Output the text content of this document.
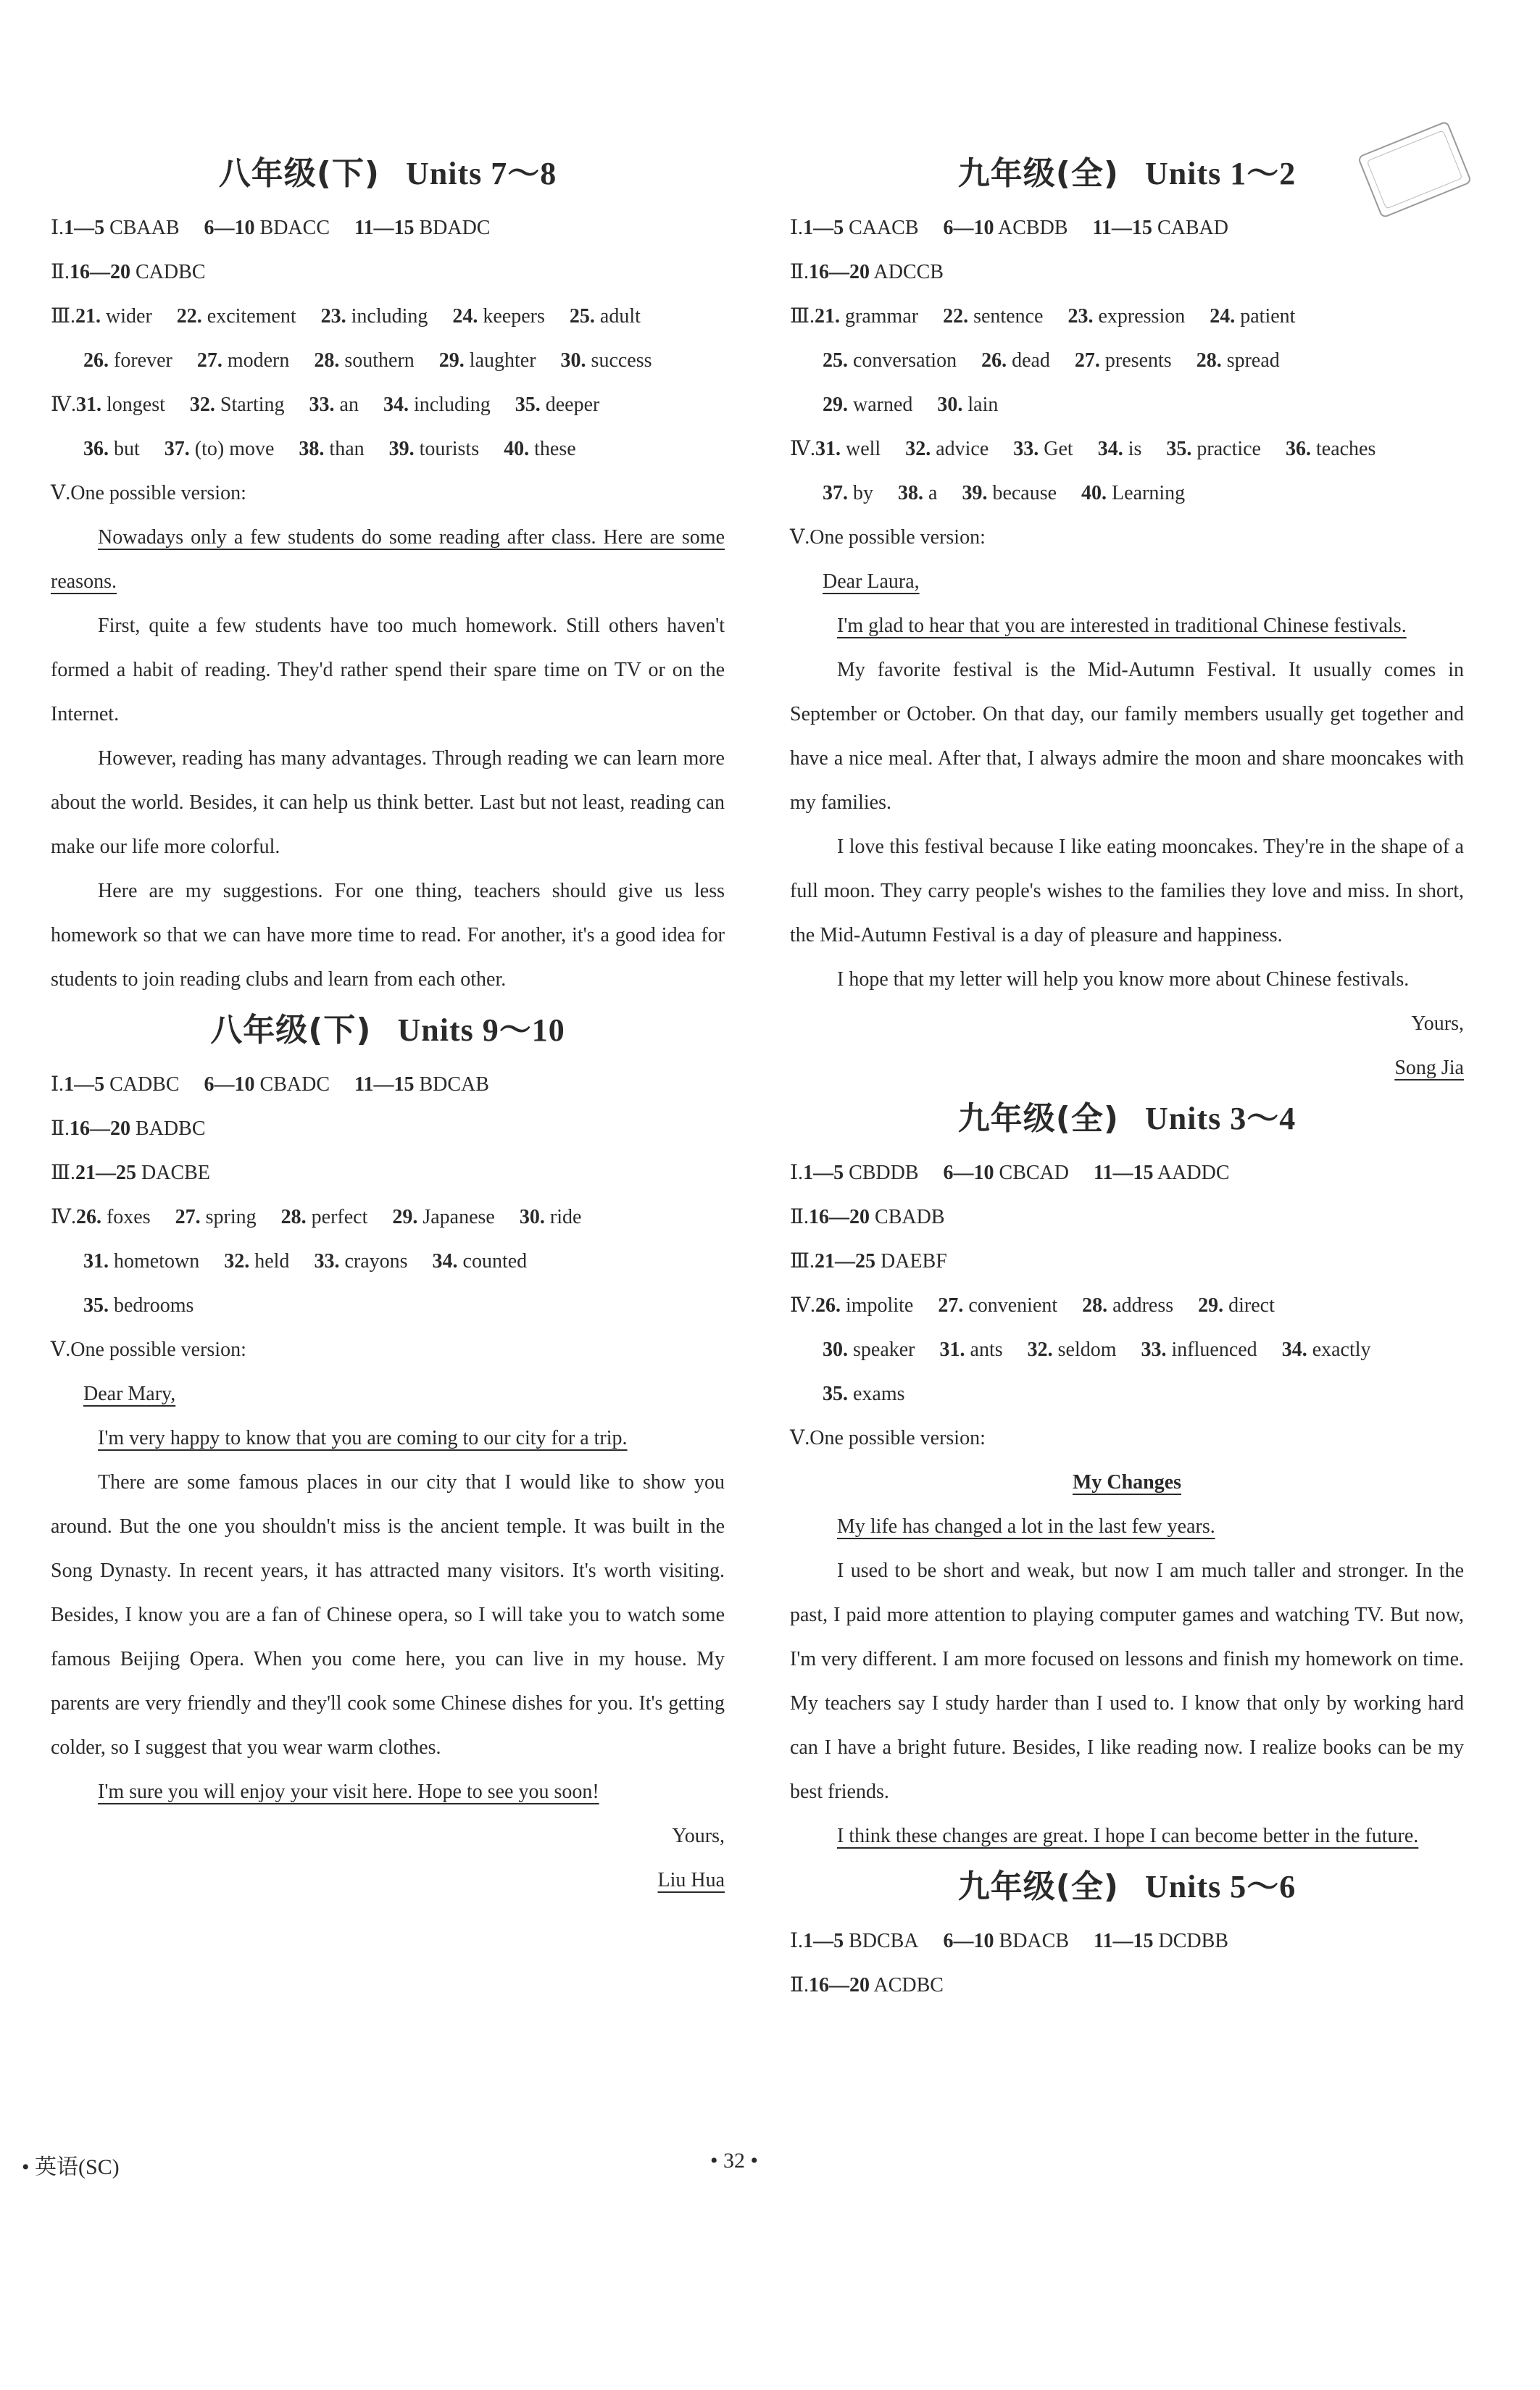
八年级(下) Units 7～8
Ⅰ.1—5 CBAAB 6—10 BDACC 11—15 BDADC
Ⅱ.16—20 CADBC
Ⅲ.21. wider 22. excitement 23. including 24. keepers 25. adult
26. forever 27. modern 28. southern 29. laughter 30. success
Ⅳ.31. longest 32. Starting 33. an 34. including 35. deeper
36. but 37. (to) move 38. than 39. tourists 40. these
Ⅴ.One possible version:
Nowadays only a few students do some reading after class. Here are some reasons.
First, quite a few students have too much homework. Still others haven't formed a habit of reading. They'd rather spend their spare time on TV or on the Internet.
However, reading has many advantages. Through reading we can learn more about the world. Besides, it can help us think better. Last but not least, reading can make our life more colorful.
Here are my suggestions. For one thing, teachers should give us less homework so that we can have more time to read. For another, it's a good idea for students to join reading clubs and learn from each other.
八年级(下) Units 9～10
Ⅰ.1—5 CADBC 6—10 CBADC 11—15 BDCAB
Ⅱ.16—20 BADBC
Ⅲ.21—25 DACBE
Ⅳ.26. foxes 27. spring 28. perfect 29. Japanese 30. ride
31. hometown 32. held 33. crayons 34. counted
35. bedrooms
Ⅴ.One possible version:
Dear Mary,
I'm very happy to know that you are coming to our city for a trip.
There are some famous places in our city that I would like to show you around. But the one you shouldn't miss is the ancient temple. It was built in the Song Dynasty. In recent years, it has attracted many visitors. It's worth visiting. Besides, I know you are a fan of Chinese opera, so I will take you to watch some famous Beijing Opera. When you come here, you can live in my house. My parents are very friendly and they'll cook some Chinese dishes for you. It's getting colder, so I suggest that you wear warm clothes.
I'm sure you will enjoy your visit here. Hope to see you soon!
Yours,
Liu Hua
九年级(全) Units 1～2
Ⅰ.1—5 CAACB 6—10 ACBDB 11—15 CABAD
Ⅱ.16—20 ADCCB
Ⅲ.21. grammar 22. sentence 23. expression 24. patient
25. conversation 26. dead 27. presents 28. spread
29. warned 30. lain
Ⅳ.31. well 32. advice 33. Get 34. is 35. practice 36. teaches
37. by 38. a 39. because 40. Learning
Ⅴ.One possible version:
Dear Laura,
I'm glad to hear that you are interested in traditional Chinese festivals.
My favorite festival is the Mid-Autumn Festival. It usually comes in September or October. On that day, our family members usually get together and have a nice meal. After that, I always admire the moon and share mooncakes with my families.
I love this festival because I like eating mooncakes. They're in the shape of a full moon. They carry people's wishes to the families they love and miss. In short, the Mid-Autumn Festival is a day of pleasure and happiness.
I hope that my letter will help you know more about Chinese festivals.
Yours,
Song Jia
九年级(全) Units 3～4
Ⅰ.1—5 CBDDB 6—10 CBCAD 11—15 AADDC
Ⅱ.16—20 CBADB
Ⅲ.21—25 DAEBF
Ⅳ.26. impolite 27. convenient 28. address 29. direct
30. speaker 31. ants 32. seldom 33. influenced 34. exactly
35. exams
Ⅴ.One possible version:
My Changes
My life has changed a lot in the last few years.
I used to be short and weak, but now I am much taller and stronger. In the past, I paid more attention to playing computer games and watching TV. But now, I'm very different. I am more focused on lessons and finish my homework on time. My teachers say I study harder than I used to. I know that only by working hard can I have a bright future. Besides, I like reading now. I realize books can be my best friends.
I think these changes are great. I hope I can become better in the future.
九年级(全) Units 5～6
Ⅰ.1—5 BDCBA 6—10 BDACB 11—15 DCDBB
Ⅱ.16—20 ACDBC
• 英语(SC)	• 32 •
